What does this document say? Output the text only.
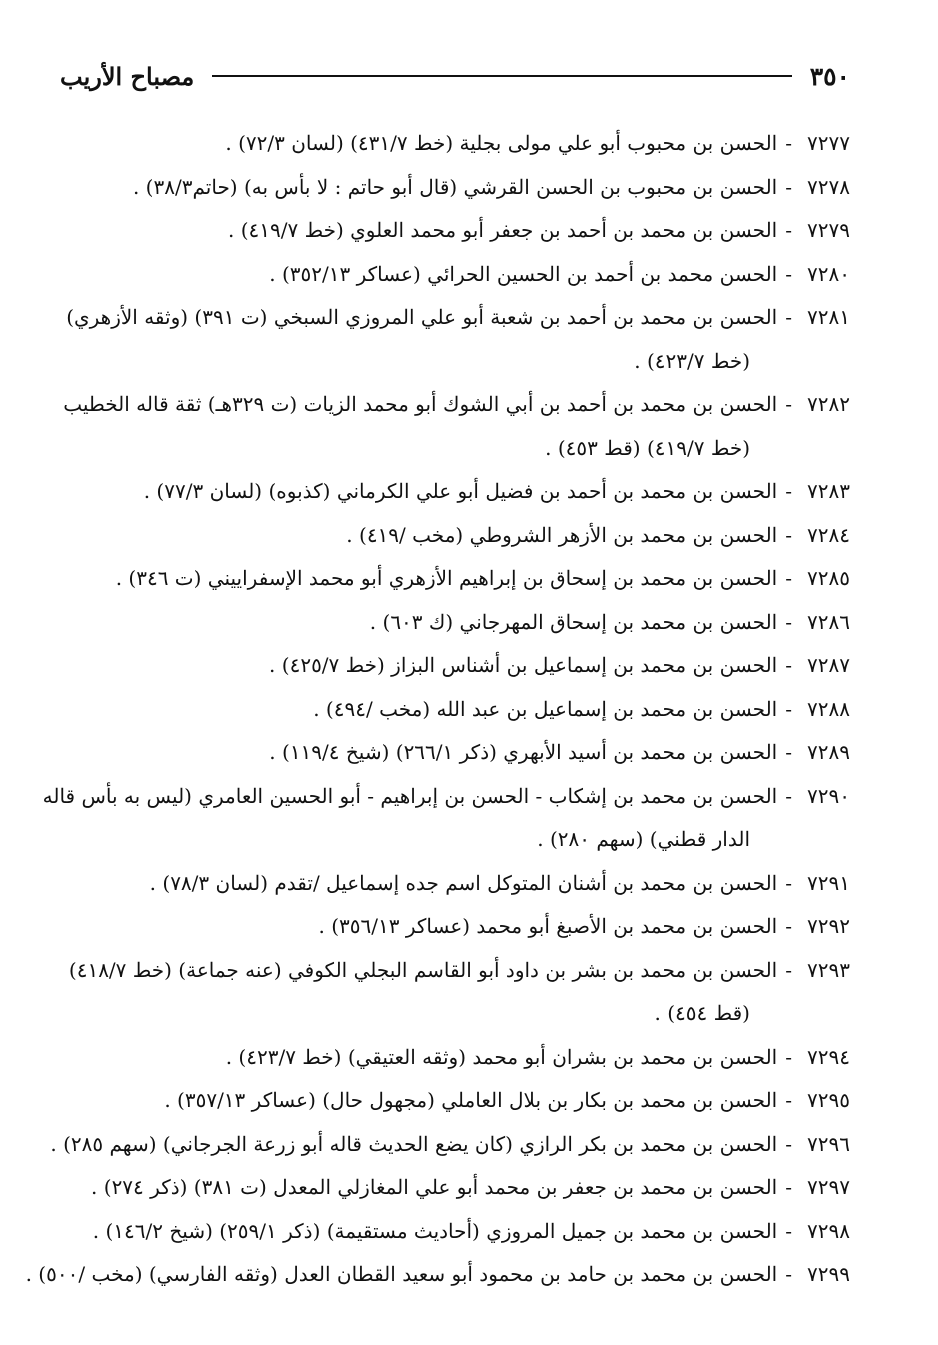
٣٥٠
مصباح الأريب
٧٢٧٧-الحسن بن محبوب أبو علي مولى بجلية (خط ٤٣١/٧) (لسان ٧٢/٣) .
٧٢٧٨-الحسن بن محبوب بن الحسن القرشي (قال أبو حاتم : لا بأس به) (حاتم٣٨/٣) .
٧٢٧٩-الحسن بن محمد بن أحمد بن جعفر أبو محمد العلوي (خط ٤١٩/٧) .
٧٢٨٠-الحسن محمد بن أحمد بن الحسين الحرائي (عساكر ٣٥٢/١٣) .
٧٢٨١-الحسن بن محمد بن أحمد بن شعبة أبو علي المروزي السبخي (ت ٣٩١) (وثقه الأزهري)
(خط ٤٢٣/٧) .
٧٢٨٢-الحسن بن محمد بن أحمد بن أبي الشوك أبو محمد الزيات (ت ٣٢٩هـ) ثقة قاله الخطيب
(خط ٤١٩/٧) (قط ٤٥٣) .
٧٢٨٣-الحسن بن محمد بن أحمد بن فضيل أبو علي الكرماني (كذبوه) (لسان ٧٧/٣) .
٧٢٨٤-الحسن بن محمد بن الأزهر الشروطي (مخب /٤١٩) .
٧٢٨٥-الحسن بن محمد بن إسحاق بن إبراهيم الأزهري أبو محمد الإسفراييني (ت ٣٤٦) .
٧٢٨٦-الحسن بن محمد بن إسحاق المهرجاني (ك ٦٠٣) .
٧٢٨٧-الحسن بن محمد بن إسماعيل بن أشناس البزاز (خط ٤٢٥/٧) .
٧٢٨٨-الحسن بن محمد بن إسماعيل بن عبد الله (مخب /٤٩٤) .
٧٢٨٩-الحسن بن محمد بن أسيد الأبهري (ذكر ٢٦٦/١) (شيخ ١١٩/٤) .
٧٢٩٠-الحسن بن محمد بن إشكاب - الحسن بن إبراهيم - أبو الحسين العامري (ليس به بأس قاله
الدار قطني) (سهم ٢٨٠) .
٧٢٩١-الحسن بن محمد بن أشنان المتوكل اسم جده إسماعيل /تقدم (لسان ٧٨/٣) .
٧٢٩٢-الحسن بن محمد بن الأصبغ أبو محمد (عساكر ٣٥٦/١٣) .
٧٢٩٣-الحسن بن محمد بن بشر بن داود أبو القاسم البجلي الكوفي (عنه جماعة) (خط ٤١٨/٧)
(قط ٤٥٤) .
٧٢٩٤-الحسن بن محمد بن بشران أبو محمد (وثقه العتيقي) (خط ٤٢٣/٧) .
٧٢٩٥-الحسن بن محمد بن بكار بن بلال العاملي (مجهول حال) (عساكر ٣٥٧/١٣) .
٧٢٩٦-الحسن بن محمد بن بكر الرازي (كان يضع الحديث قاله أبو زرعة الجرجاني) (سهم ٢٨٥) .
٧٢٩٧-الحسن بن محمد بن جعفر بن محمد أبو علي المغازلي المعدل (ت ٣٨١) (ذكر ٢٧٤) .
٧٢٩٨-الحسن بن محمد بن جميل المروزي (أحاديث مستقيمة) (ذكر ٢٥٩/١) (شيخ ١٤٦/٢) .
٧٢٩٩-الحسن بن محمد بن حامد بن محمود أبو سعيد القطان العدل (وثقه الفارسي) (مخب /٥٠٠) .
